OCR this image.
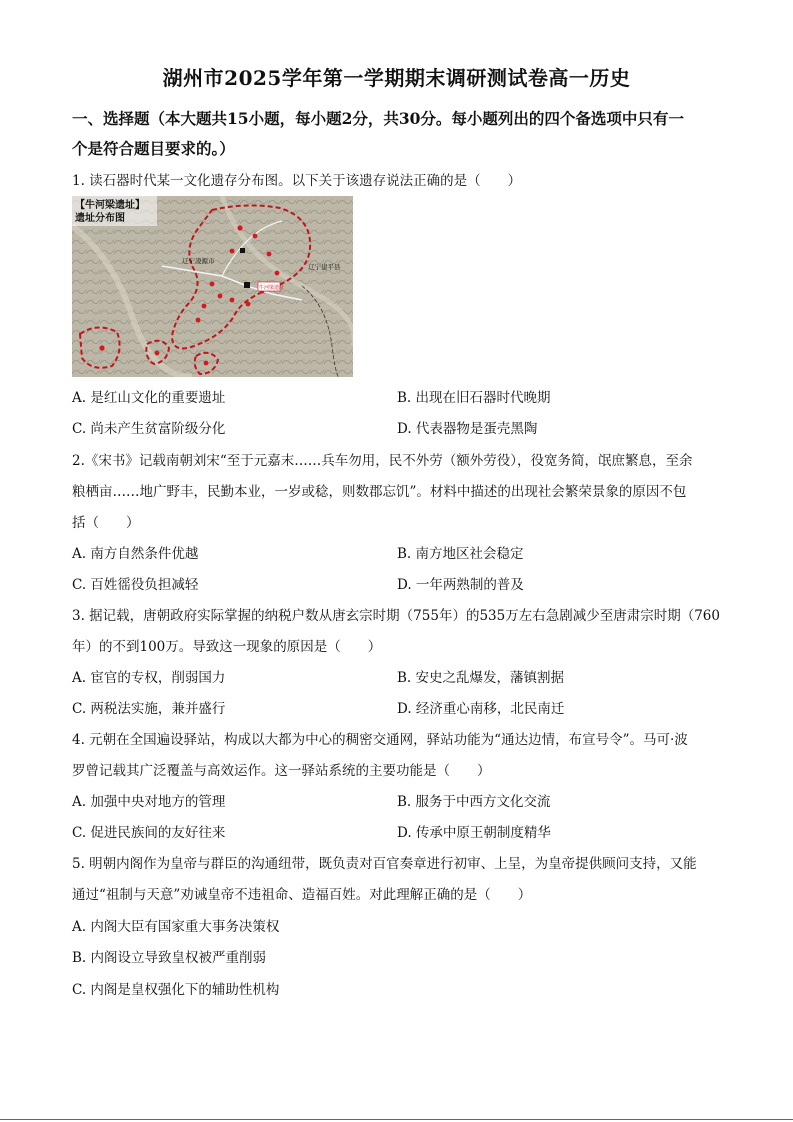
湖州市2025学年第一学期期末调研测试卷高一历史
一、选择题（本大题共15小题，每小题2分，共30分。每小题列出的四个备选项中只有一
个是符合题目要求的。）
1. 读石器时代某一文化遗存分布图。以下关于该遗存说法正确的是（　　）
【牛河梁遗址】
遗址分布图
辽宁凌源市
辽宁建平县
牛河梁遗址
A. 是红山文化的重要遗址	B. 出现在旧石器时代晚期
C. 尚未产生贫富阶级分化	D. 代表器物是蛋壳黑陶
2.《宋书》记载南朝刘宋“至于元嘉末……兵车勿用，民不外劳（额外劳役），役宽务简，氓庶繁息，至余
粮栖亩……地广野丰，民勤本业，一岁或稔，则数郡忘饥”。材料中描述的出现社会繁荣景象的原因不包
括（　　）
A. 南方自然条件优越	B. 南方地区社会稳定
C. 百姓徭役负担减轻	D. 一年两熟制的普及
3. 据记载，唐朝政府实际掌握的纳税户数从唐玄宗时期（755年）的535万左右急剧减少至唐肃宗时期（760
年）的不到100万。导致这一现象的原因是（　　）
A. 宦官的专权，削弱国力	B. 安史之乱爆发，藩镇割据
C. 两税法实施，兼并盛行	D. 经济重心南移，北民南迁
4. 元朝在全国遍设驿站，构成以大都为中心的稠密交通网，驿站功能为“通达边情，布宣号令”。马可·波
罗曾记载其广泛覆盖与高效运作。这一驿站系统的主要功能是（　　）
A. 加强中央对地方的管理	B. 服务于中西方文化交流
C. 促进民族间的友好往来	D. 传承中原王朝制度精华
5. 明朝内阁作为皇帝与群臣的沟通纽带，既负责对百官奏章进行初审、上呈，为皇帝提供顾问支持，又能
通过“祖制与天意”劝诫皇帝不违祖命、造福百姓。对此理解正确的是（　　）
A. 内阁大臣有国家重大事务决策权
B. 内阁设立导致皇权被严重削弱
C. 内阁是皇权强化下的辅助性机构
